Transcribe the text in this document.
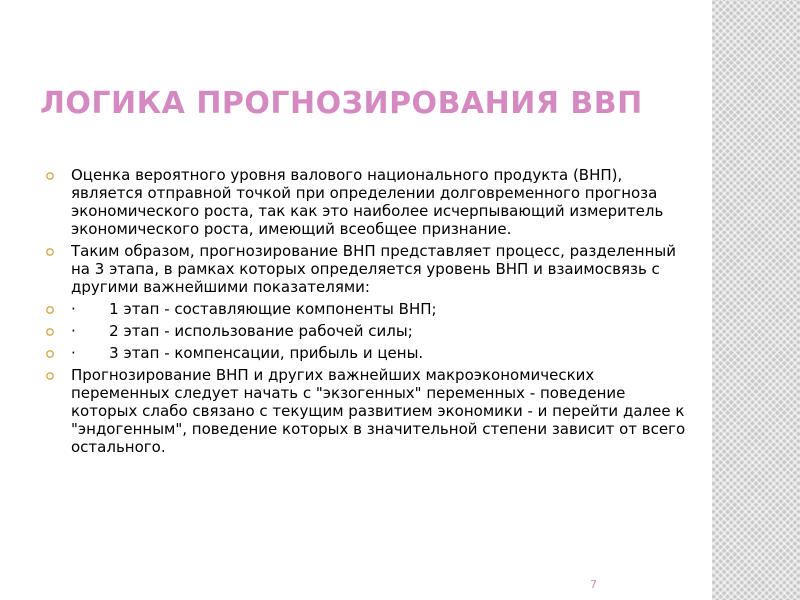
ЛОГИКА ПРОГНОЗИРОВАНИЯ ВВП
Оценка вероятного уровня валового национального продукта (ВНП), является отправной точкой при определении долговременного прогноза экономического роста, так как это наиболее исчерпывающий измеритель экономического роста, имеющий всеобщее признание.
Таким образом, прогнозирование ВНП представляет процесс, разделенный на 3 этапа, в рамках которых определяется уровень ВНП и взаимосвязь с другими важнейшими показателями:
·       1 этап - составляющие компоненты ВНП;
·       2 этап - использование рабочей силы;
·       3 этап - компенсации, прибыль и цены.
Прогнозирование ВНП и других важнейших макроэкономических переменных следует начать с "экзогенных" переменных - поведение которых слабо связано с текущим развитием экономики - и перейти далее к "эндогенным", поведение которых в значительной степени зависит от всего остального.
7
